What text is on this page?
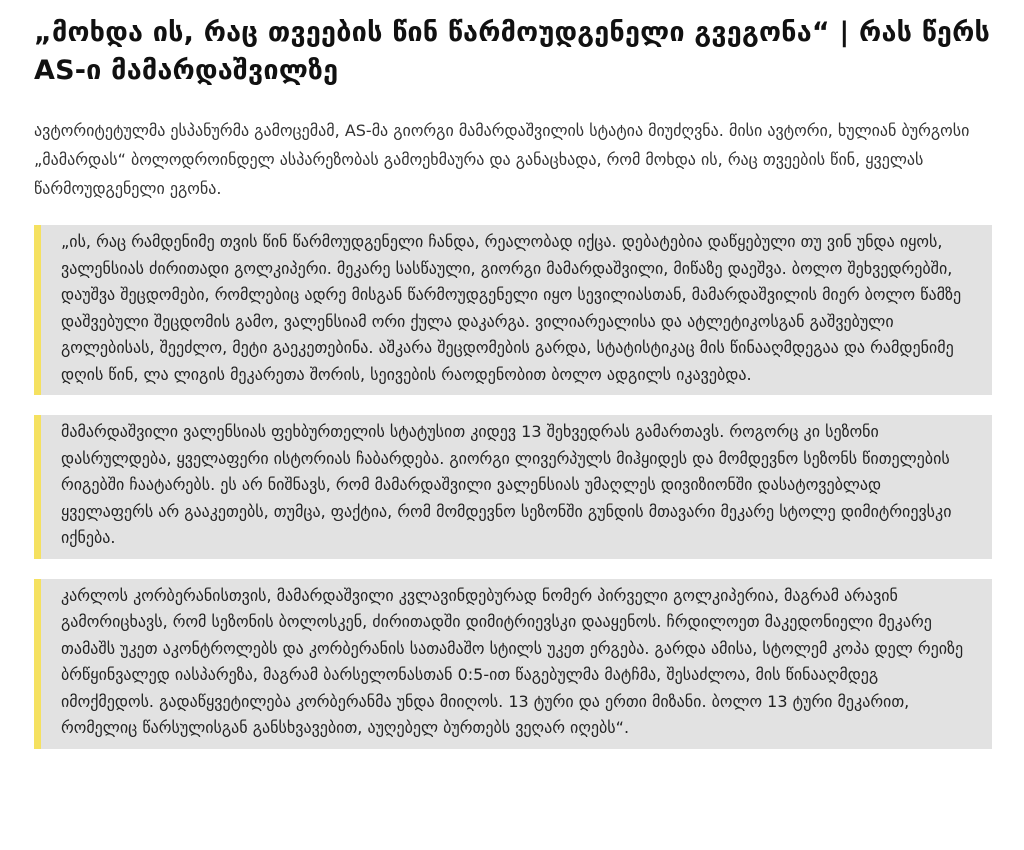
„მოხდა ის, რაც თვეების წინ წარმოუდგენელი გვეგონა“ | რას წერს AS-ი მამარდაშვილზე

ავტორიტეტულმა ესპანურმა გამოცემამ, AS-მა გიორგი მამარდაშვილის სტატია მიუძღვნა. მისი ავტორი, ხულიან ბურგოსი „მამარდას“ ბოლოდროინდელ ასპარეზობას გამოეხმაურა და განაცხადა, რომ მოხდა ის, რაც თვეების წინ, ყველას წარმოუდგენელი ეგონა.

„ის, რაც რამდენიმე თვის წინ წარმოუდგენელი ჩანდა, რეალობად იქცა. დებატებია დაწყებული თუ ვინ უნდა იყოს, ვალენსიას ძირითადი გოლკიპერი. მეკარე სასწაული, გიორგი მამარდაშვილი, მიწაზე დაეშვა. ბოლო შეხვედრებში, დაუშვა შეცდომები, რომლებიც ადრე მისგან წარმოუდგენელი იყო სევილიასთან, მამარდაშვილის მიერ ბოლო წამზე დაშვებული შეცდომის გამო, ვალენსიამ ორი ქულა დაკარგა. ვილიარეალისა და ატლეტიკოსგან გაშვებული გოლებისას, შეეძლო, მეტი გაეკეთებინა. აშკარა შეცდომების გარდა, სტატისტიკაც მის წინააღმდეგაა და რამდენიმე დღის წინ, ლა ლიგის მეკარეთა შორის, სეივების რაოდენობით ბოლო ადგილს იკავებდა.
მამარდაშვილი ვალენსიას ფეხბურთელის სტატუსით კიდევ 13 შეხვედრას გამართავს. როგორც კი სეზონი დასრულდება, ყველაფერი ისტორიას ჩაბარდება. გიორგი ლივერპულს მიჰყიდეს და მომდევნო სეზონს წითელების რიგებში ჩაატარებს. ეს არ ნიშნავს, რომ მამარდაშვილი ვალენსიას უმაღლეს დივიზიონში დასატოვებლად ყველაფერს არ გააკეთებს, თუმცა, ფაქტია, რომ მომდევნო სეზონში გუნდის მთავარი მეკარე სტოლე დიმიტრიევსკი იქნება.
კარლოს კორბერანისთვის, მამარდაშვილი კვლავინდებურად ნომერ პირველი გოლკიპერია, მაგრამ არავინ გამორიცხავს, რომ სეზონის ბოლოსკენ, ძირითადში დიმიტრიევსკი დააყენოს. ჩრდილოეთ მაკედონიელი მეკარე თამაშს უკეთ აკონტროლებს და კორბერანის სათამაშო სტილს უკეთ ერგება. გარდა ამისა, სტოლემ კოპა დელ რეიზე ბრწყინვალედ იასპარეზა, მაგრამ ბარსელონასთან 0:5-ით წაგებულმა მატჩმა, შესაძლოა, მის წინააღმდეგ იმოქმედოს. გადაწყვეტილება კორბერანმა უნდა მიიღოს. 13 ტური და ერთი მიზანი. ბოლო 13 ტური მეკარით, რომელიც წარსულისგან განსხვავებით, აუღებელ ბურთებს ვეღარ იღებს“.
